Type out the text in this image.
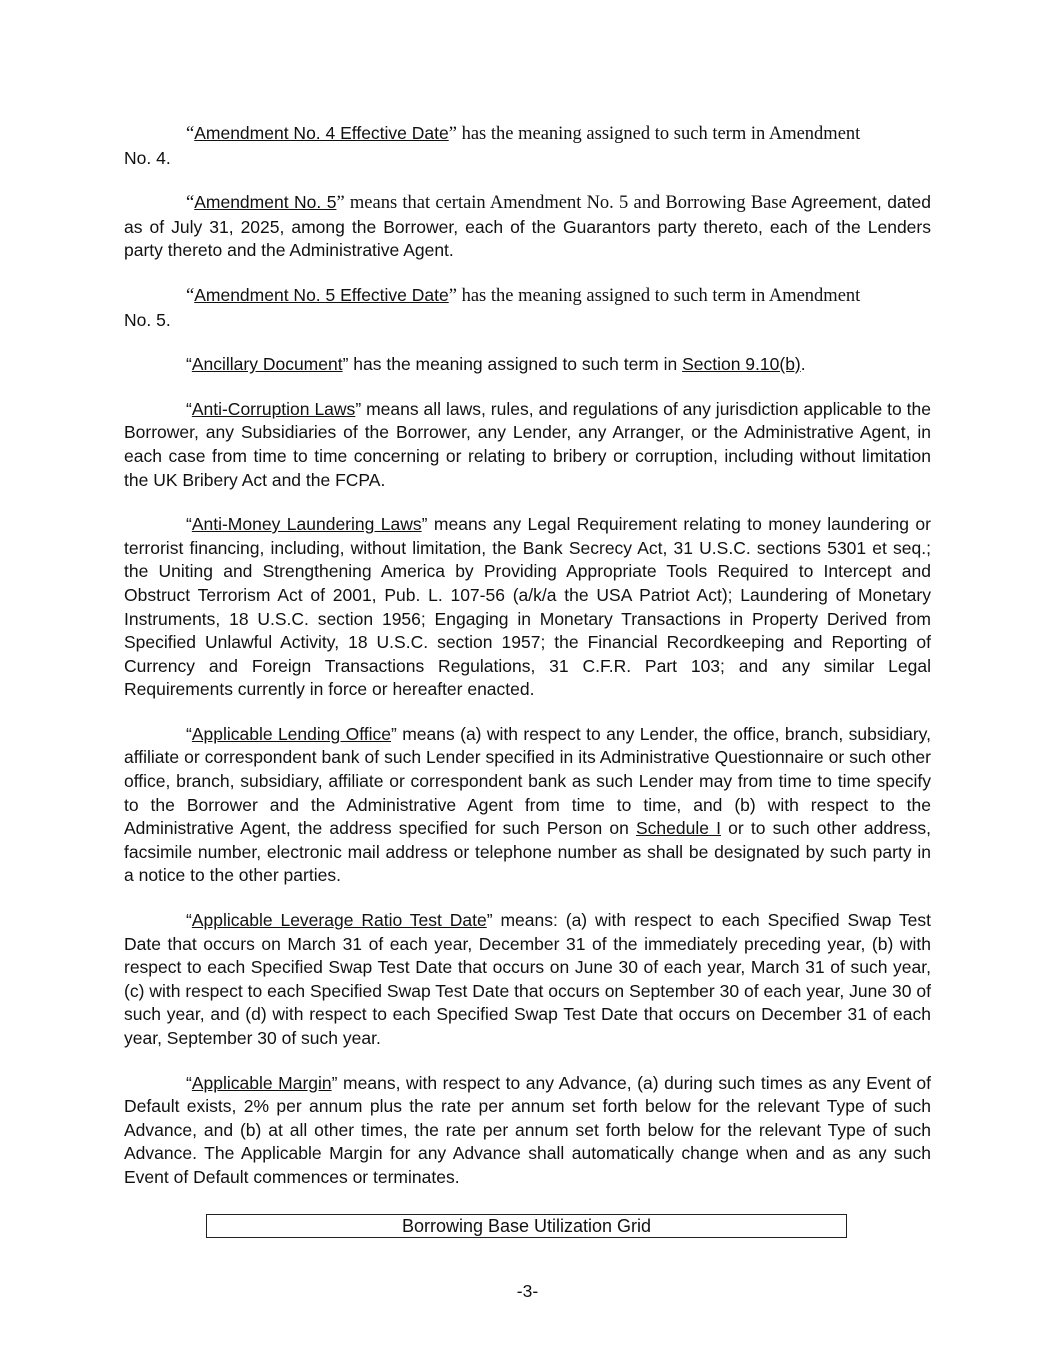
“Amendment No. 4 Effective Date” has the meaning assigned to such term in Amendment
No. 4.

“Amendment No. 5” means that certain Amendment No. 5 and Borrowing Base Agreement, dated as of July 31, 2025, among the Borrower, each of the Guarantors party thereto, each of the Lenders party thereto and the Administrative Agent.

“Amendment No. 5 Effective Date” has the meaning assigned to such term in Amendment
No. 5.

“Ancillary Document” has the meaning assigned to such term in Section 9.10(b).

“Anti-Corruption Laws” means all laws, rules, and regulations of any jurisdiction applicable to the Borrower, any Subsidiaries of the Borrower, any Lender, any Arranger, or the Administrative Agent, in each case from time to time concerning or relating to bribery or corruption, including without limitation the UK Bribery Act and the FCPA.

“Anti-Money Laundering Laws” means any Legal Requirement relating to money laundering or terrorist financing, including, without limitation, the Bank Secrecy Act, 31 U.S.C. sections 5301 et seq.; the Uniting and Strengthening America by Providing Appropriate Tools Required to Intercept and Obstruct Terrorism Act of 2001, Pub. L. 107-56 (a/k/a the USA Patriot Act); Laundering of Monetary Instruments, 18 U.S.C. section 1956; Engaging in Monetary Transactions in Property Derived from Specified Unlawful Activity, 18 U.S.C. section 1957; the Financial Recordkeeping and Reporting of Currency and Foreign Transactions Regulations, 31 C.F.R. Part 103; and any similar Legal Requirements currently in force or hereafter enacted.

“Applicable Lending Office” means (a) with respect to any Lender, the office, branch, subsidiary, affiliate or correspondent bank of such Lender specified in its Administrative Questionnaire or such other office, branch, subsidiary, affiliate or correspondent bank as such Lender may from time to time specify to the Borrower and the Administrative Agent from time to time, and (b) with respect to the Administrative Agent, the address specified for such Person on Schedule I or to such other address, facsimile number, electronic mail address or telephone number as shall be designated by such party in a notice to the other parties.

“Applicable Leverage Ratio Test Date” means: (a) with respect to each Specified Swap Test Date that occurs on March 31 of each year, December 31 of the immediately preceding year, (b) with respect to each Specified Swap Test Date that occurs on June 30 of each year, March 31 of such year, (c) with respect to each Specified Swap Test Date that occurs on September 30 of each year, June 30 of such year, and (d) with respect to each Specified Swap Test Date that occurs on December 31 of each year, September 30 of such year.

“Applicable Margin” means, with respect to any Advance, (a) during such times as any Event of Default exists, 2% per annum plus the rate per annum set forth below for the relevant Type of such Advance, and (b) at all other times, the rate per annum set forth below for the relevant Type of such Advance. The Applicable Margin for any Advance shall automatically change when and as any such Event of Default commences or terminates.

Borrowing Base Utilization Grid
-3-
